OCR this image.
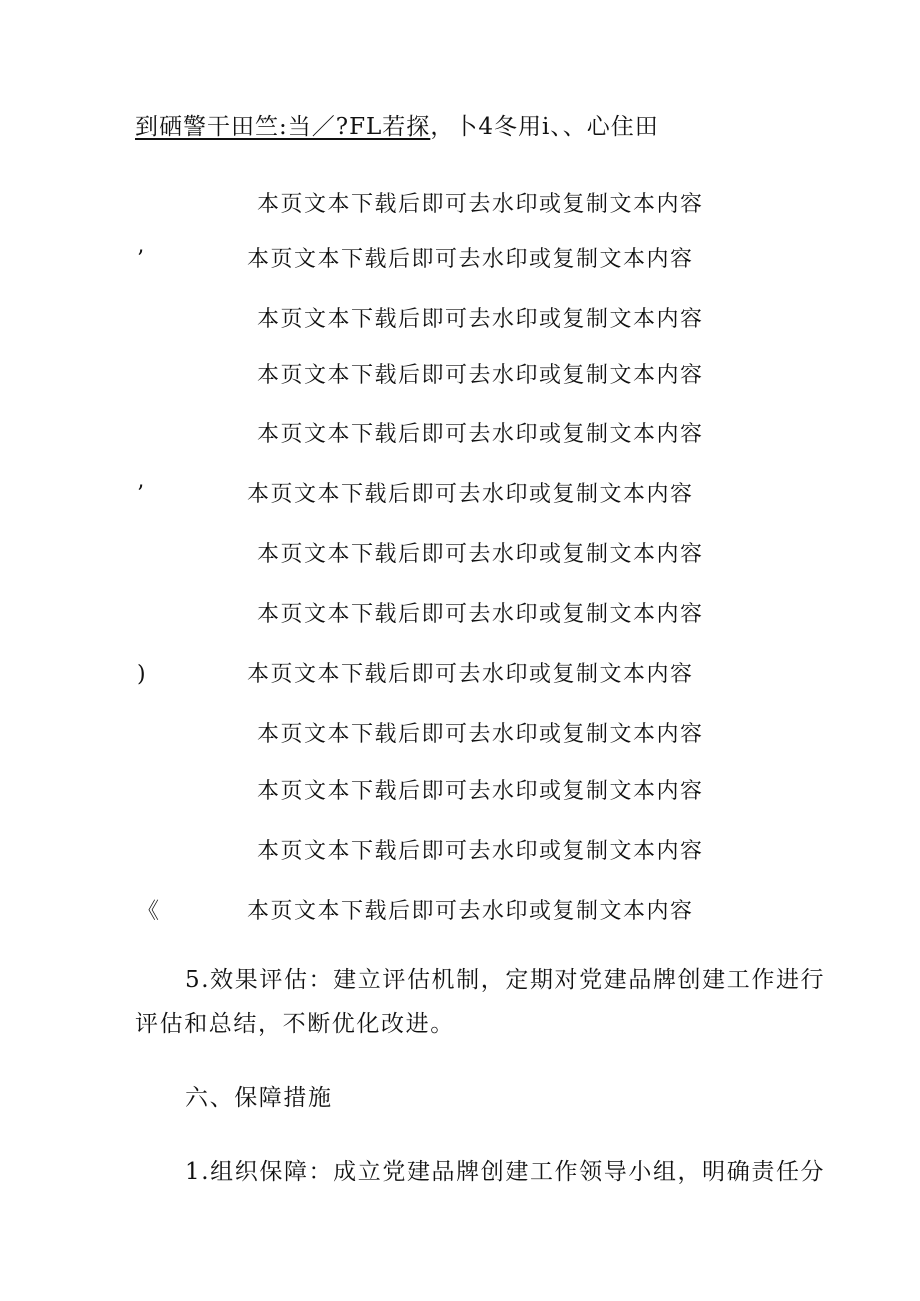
到硒警干田竺:当／?FL若探，卜4冬用i、、心住田
本页文本下载后即可去水印或复制文本内容
’	本页文本下载后即可去水印或复制文本内容
本页文本下载后即可去水印或复制文本内容
本页文本下载后即可去水印或复制文本内容
本页文本下载后即可去水印或复制文本内容
’	本页文本下载后即可去水印或复制文本内容
本页文本下载后即可去水印或复制文本内容
本页文本下载后即可去水印或复制文本内容
)	本页文本下载后即可去水印或复制文本内容
本页文本下载后即可去水印或复制文本内容
本页文本下载后即可去水印或复制文本内容
本页文本下载后即可去水印或复制文本内容
《	本页文本下载后即可去水印或复制文本内容
5.效果评估：建立评估机制，定期对党建品牌创建工作进行
评估和总结，不断优化改进。
六、保障措施
1.组织保障：成立党建品牌创建工作领导小组，明确责任分
